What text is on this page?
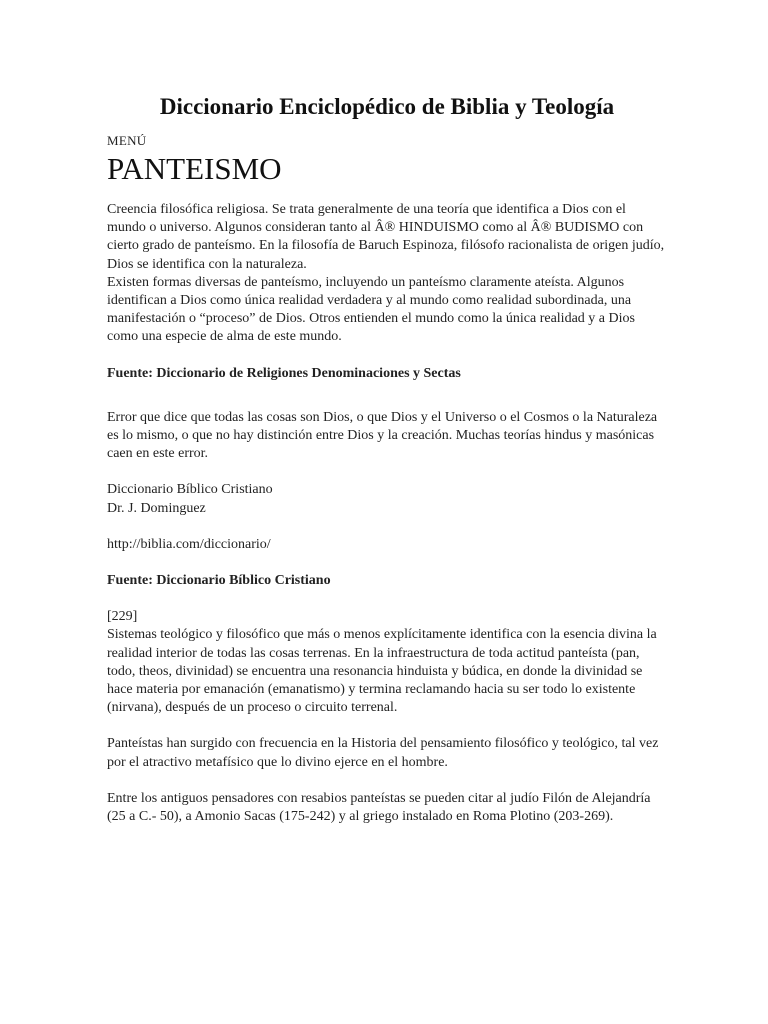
Diccionario Enciclopédico de Biblia y Teología
MENÚ
PANTEISMO

Creencia filosófica religiosa. Se trata generalmente de una teoría que identifica a Dios con el mundo o universo. Algunos consideran tanto al Â® HINDUISMO como al Â® BUDISMO con cierto grado de panteísmo. En la filosofía de Baruch Espinoza, filósofo racionalista de origen judío, Dios se identifica con la naturaleza.

Existen formas diversas de panteísmo, incluyendo un panteísmo claramente ateísta. Algunos identifican a Dios como única realidad verdadera y al mundo como realidad subordinada, una manifestación o “proceso” de Dios. Otros entienden el mundo como la única realidad y a Dios como una especie de alma de este mundo.

Fuente: Diccionario de Religiones Denominaciones y Sectas

Error que dice que todas las cosas son Dios, o que Dios y el Universo o el Cosmos o la Naturaleza es lo mismo, o que no hay distinción entre Dios y la creación. Muchas teorías hindus y masónicas caen en este error.

Diccionario Bíblico Cristiano

Dr. J. Dominguez

http://biblia.com/diccionario/

Fuente: Diccionario Bíblico Cristiano

[229]

Sistemas teológico y filosófico que más o menos explícitamente identifica con la esencia divina la realidad interior de todas las cosas terrenas. En la infraestructura de toda actitud panteísta (pan, todo, theos, divinidad) se encuentra una resonancia hinduista y búdica, en donde la divinidad se hace materia por emanación (emanatismo) y termina reclamando hacia su ser todo lo existente (nirvana), después de un proceso o circuito terrenal.

Panteístas han surgido con frecuencia en la Historia del pensamiento filosófico y teológico, tal vez por el atractivo metafísico que lo divino ejerce en el hombre.

Entre los antiguos pensadores con resabios panteístas se pueden citar al judío Filón de Alejandría (25 a C.- 50), a Amonio Sacas (175-242) y al griego instalado en Roma Plotino (203-269).
